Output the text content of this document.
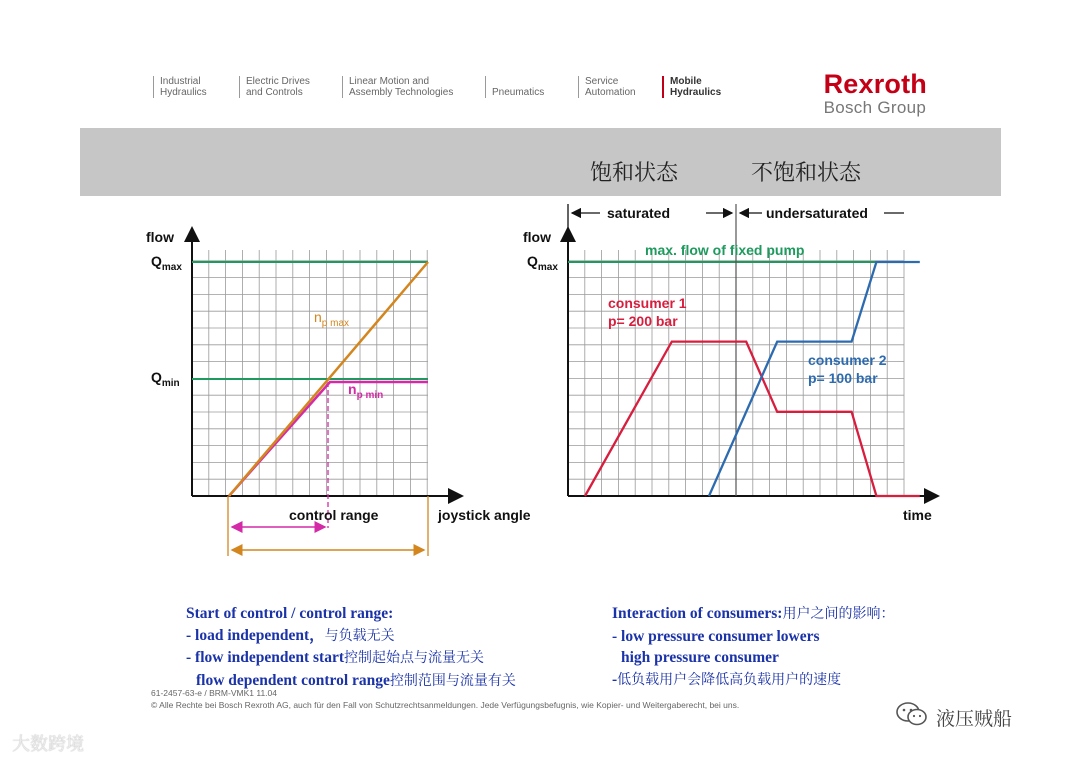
Industrial
Hydraulics
Electric Drives
and Controls
Linear Motion and
Assembly Technologies	Pneumatics
Service
Automation
Mobile
Hydraulics	Rexroth
Bosch Group
饱和状态	不饱和状态
flow
$Q_{max}$
$Q_{min}$
$n_{p max}$
$n_{p min}$
control range	joystick angle
saturated	undersaturated
flow
$Q_{max}$
max. flow of fixed pump
consumer 1
p= 200 bar
consumer 2
p= 100 bar
time
Start of control / control range:
- load independent，与负载无关
- flow independent start控制起始点与流量无关
flow dependent control range控制范围与流量有关
Interaction of consumers:用户之间的影响：
- low pressure consumer lowers
high pressure consumer
-低负载用户会降低高负载用户的速度
61-2457-63-e / BRM-VMK1 11.04
© Alle Rechte bei Bosch Rexroth AG, auch für den Fall von Schutzrechtsanmeldungen. Jede Verfügungsbefugnis, wie Kopier- und Weitergaberecht, bei uns.
大数跨境
液压贼船
